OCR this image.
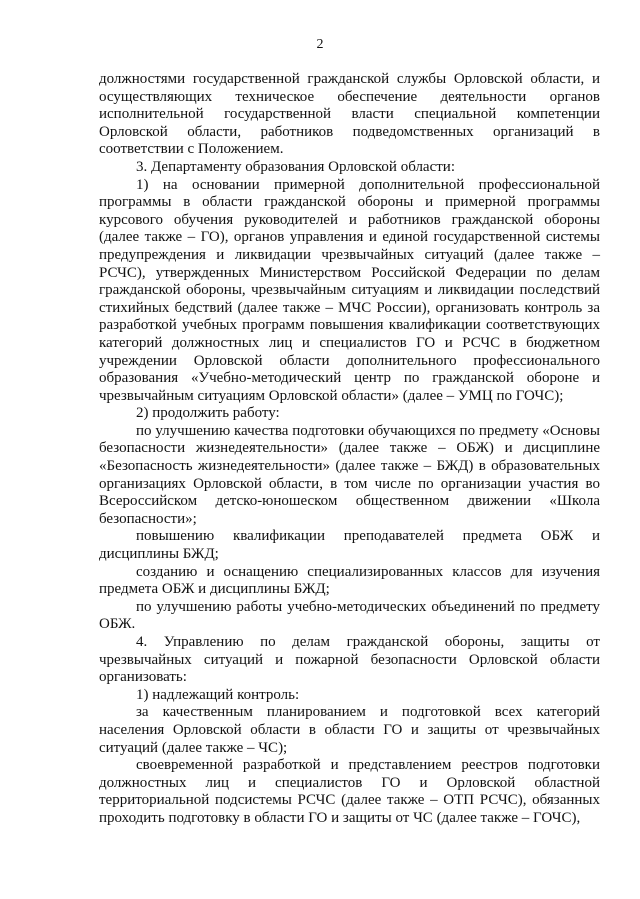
2

должностями государственной гражданской службы Орловской области, и осуществляющих техническое обеспечение деятельности органов исполнительной государственной власти специальной компетенции Орловской области, работников подведомственных организаций в соответствии с Положением.

3. Департаменту образования Орловской области:

1) на основании примерной дополнительной профессиональной программы в области гражданской обороны и примерной программы курсового обучения руководителей и работников гражданской обороны (далее также – ГО), органов управления и единой государственной системы предупреждения и ликвидации чрезвычайных ситуаций (далее также – РСЧС), утвержденных Министерством Российской Федерации по делам гражданской обороны, чрезвычайным ситуациям и ликвидации последствий стихийных бедствий (далее также – МЧС России), организовать контроль за разработкой учебных программ повышения квалификации соответствующих категорий должностных лиц и специалистов ГО и РСЧС в бюджетном учреждении Орловской области дополнительного профессионального образования «Учебно-методический центр по гражданской обороне и чрезвычайным ситуациям Орловской области» (далее – УМЦ по ГОЧС);

2) продолжить работу:

по улучшению качества подготовки обучающихся по предмету «Основы безопасности жизнедеятельности» (далее также – ОБЖ) и дисциплине «Безопасность жизнедеятельности» (далее также – БЖД) в образовательных организациях Орловской области, в том числе по организации участия во Всероссийском детско-юношеском общественном движении «Школа безопасности»;

повышению квалификации преподавателей предмета ОБЖ и дисциплины БЖД;

созданию и оснащению специализированных классов для изучения предмета ОБЖ и дисциплины БЖД;

по улучшению работы учебно-методических объединений по предмету ОБЖ.

4. Управлению по делам гражданской обороны, защиты от чрезвычайных ситуаций и пожарной безопасности Орловской области организовать:

1) надлежащий контроль:

за качественным планированием и подготовкой всех категорий населения Орловской области в области ГО и защиты от чрезвычайных ситуаций (далее также – ЧС);

своевременной разработкой и представлением реестров подготовки должностных лиц и специалистов ГО и Орловской областной территориальной подсистемы РСЧС (далее также – ОТП РСЧС), обязанных проходить подготовку в области ГО и защиты от ЧС (далее также – ГОЧС),
